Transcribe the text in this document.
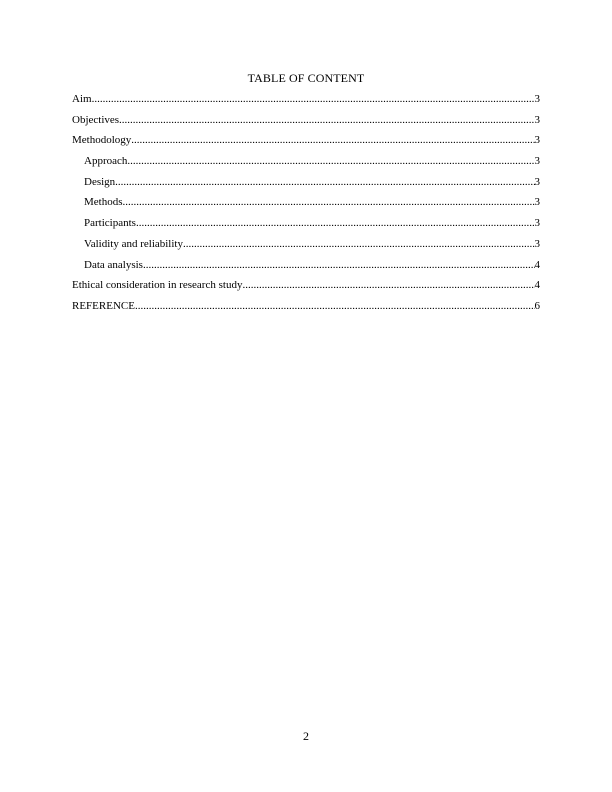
TABLE OF CONTENT
Aim .....	3
Objectives .....	3
Methodology .....	3
Approach .....	3
Design .....	3
Methods .....	3
Participants .....	3
Validity and reliability .....	3
Data analysis .....	4
Ethical consideration in research study .....	4
REFERENCE .....	6
2
